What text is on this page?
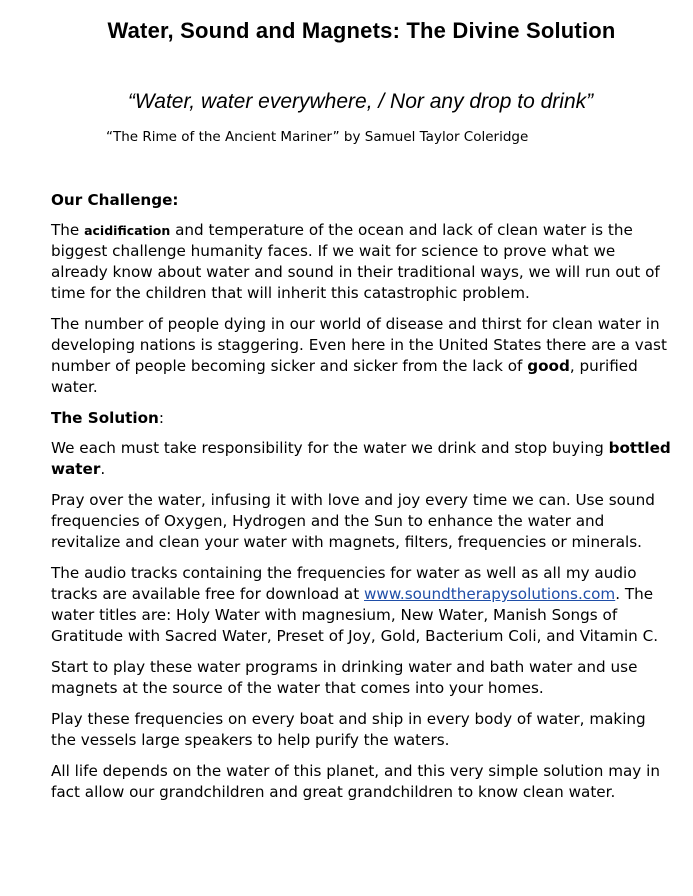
Water, Sound and Magnets: The Divine Solution
“Water, water everywhere, / Nor any drop to drink”
“The Rime of the Ancient Mariner” by Samuel Taylor Coleridge
Our Challenge:

The acidification and temperature of the ocean and lack of clean water is the biggest challenge humanity faces. If we wait for science to prove what we already know about water and sound in their traditional ways, we will run out of time for the children that will inherit this catastrophic problem.

The number of people dying in our world of disease and thirst for clean water in developing nations is staggering. Even here in the United States there are a vast number of people becoming sicker and sicker from the lack of good, purified water.

The Solution:

We each must take responsibility for the water we drink and stop buying bottled water.

Pray over the water, infusing it with love and joy every time we can. Use sound frequencies of Oxygen, Hydrogen and the Sun to enhance the water and revitalize and clean your water with magnets, filters, frequencies or minerals.

The audio tracks containing the frequencies for water as well as all my audio tracks are available free for download at www.soundtherapysolutions.com. The water titles are: Holy Water with magnesium, New Water, Manish Songs of Gratitude with Sacred Water, Preset of Joy, Gold, Bacterium Coli, and Vitamin C.

Start to play these water programs in drinking water and bath water and use magnets at the source of the water that comes into your homes.

Play these frequencies on every boat and ship in every body of water, making the vessels large speakers to help purify the waters.

All life depends on the water of this planet, and this very simple solution may in fact allow our grandchildren and great grandchildren to know clean water.
